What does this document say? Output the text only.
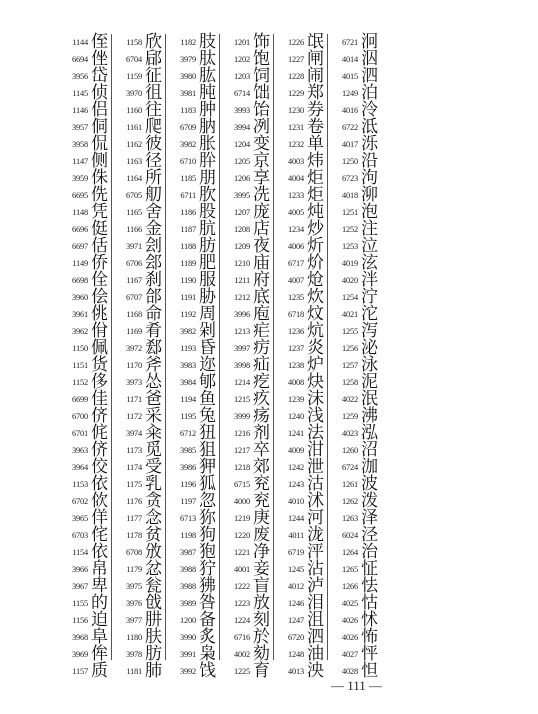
1144 侄
6694 侳
3956 岱
1145 侦
1146 侣
3957 侗
3958 侃
1147 侧
3959 侏
6695 侁
1148 凭
6696 侹
6697 佸
1149 侨
6698 佺
3960 侩
3961 佻
3962 佾
1150 佩
1151 货
1152 侈
6699 佳
6700 侪
6701 侂
3963 侪
3964 佼
1153 依
6702 佽
3965 佯
6703 侘
1154 依
3966 帛
3967 卑
1155 的
1156 迫
3968 阜
3969 侔
1157 质
1158 欣
6704 郈
1159 征
3970 徂
1160 往
1161 爬
1162 彼
1163 径
1164 所
6705 舠
1165 舍
1166 金
3971 刽
6706 郐
1167 刹
6707 郃
1168 命
1169 肴
3972 郄
1170 斧
3973 怂
1171 爸
1172 采
3974 籴
1173 觅
1174 受
1175 乳
1176 贪
1177 念
1178 贫
6708 攽
1179 忿
3975 瓮
3976 戗
3977 肼
1180 肤
3978 肪
1181 肺
1182 肢
3979 肽
3980 肱
3981 肫
1183 肿
6709 肭
3982 胀
6710 肸
1185 朋
6711 肷
1186 股
1187 肮
1188 肪
1189 肥
1190 服
1191 胁
1192 周
3982 剁
1193 昏
3983 迩
3984 郇
1194 鱼
1195 兔
6712 狃
3985 狙
3986 狎
1196 狐
1197 忽
6713 狝
1198 狗
3987 狍
3988 狞
3988 狒
3989 咎
1200 备
3990 炙
3991 枭
3992 饯
1201 饰
1202 饱
1203 饲
6714 饳
3993 饴
3994 冽
1204 变
1205 京
1206 享
3995 冼
1207 庞
1208 店
1209 夜
1210 庙
1211 府
1212 底
3996 庖
1213 疟
3997 疠
3998 疝
1214 疙
1215 疚
3999 疡
1216 剂
1217 卒
1218 郊
6715 兖
4000 兖
1219 庚
1220 废
1221 净
4001 妾
1222 盲
1223 放
1224 刻
6716 於
4002 劾
1225 育
1226 氓
1227 闸
1228 闹
1229 郑
1230 券
1231 卷
1232 单
4003 炜
4004 炬
1233 炬
4005 炖
1234 炒
4006 炘
6717 炌
4007 炝
1235 炊
6718 炆
1236 炕
1237 炎
1238 炉
4008 炔
1239 沫
1240 浅
1241 法
4009 泔
1242 泄
1243 沽
4010 沭
1244 河
4011 泷
6719 泙
1245 沾
4012 泸
1246 泪
1247 沮
6720 泗
1248 油
4013 泱
6721 泂
4014 泅
4015 泗
1249 泊
4016 泠
6722 泜
4017 泺
1250 沿
6723 泃
4018 泖
1251 泡
1252 注
1253 泣
4019 泫
4020 泮
1254 泞
4021 沱
1255 泻
1256 泌
1257 泳
1258 泥
4022 泯
1259 沸
4023 泓
1260 沼
6724 泇
1261 波
1262 泼
1263 泽
6024 泾
1264 治
1265 怔
1266 怯
4025 怙
4026 怵
4026 怖
4027 怦
4028 怛
— 111 —
